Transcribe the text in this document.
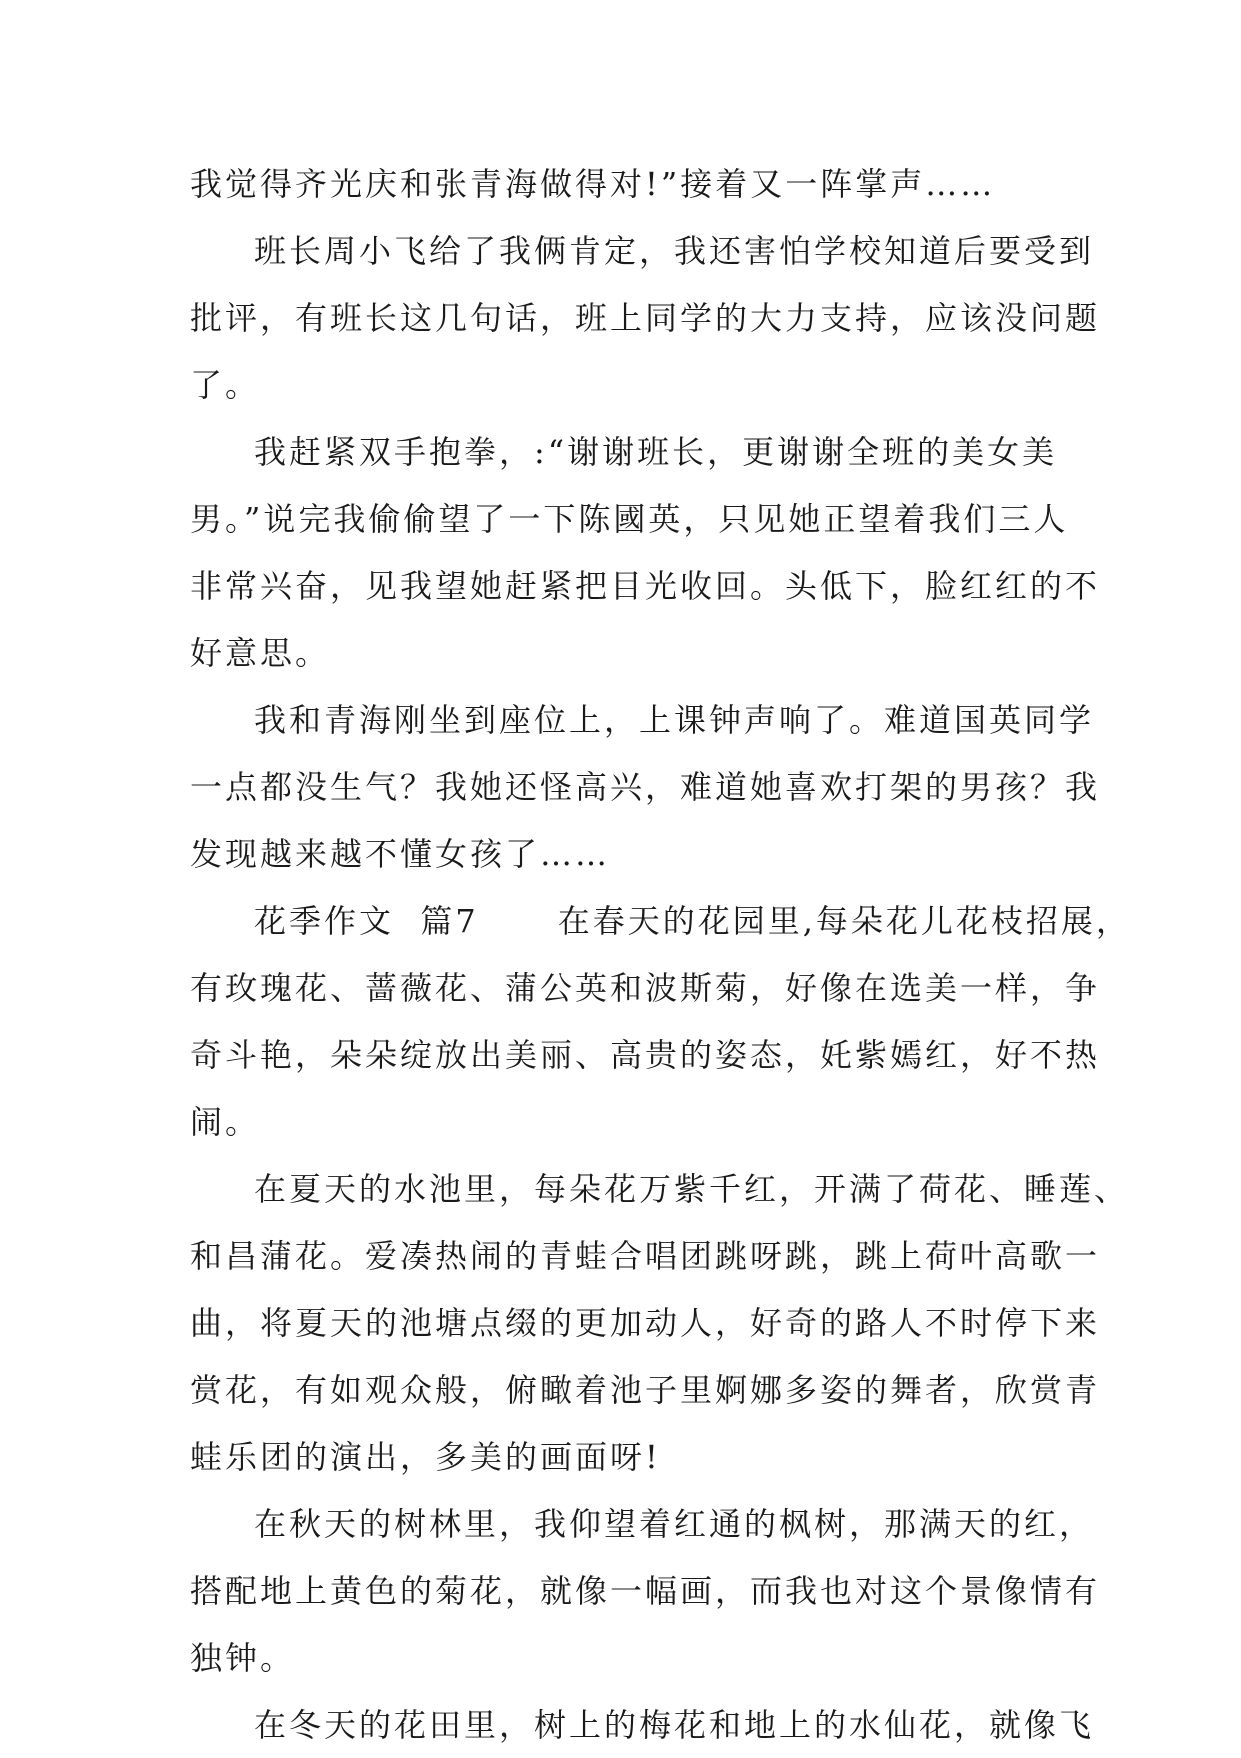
我觉得齐光庆和张青海做得对!”接着又一阵掌声……
班长周小飞给了我俩肯定，我还害怕学校知道后要受到
批评，有班长这几句话，班上同学的大力支持，应该没问题
了。
我赶紧双手抱拳，:“谢谢班长，更谢谢全班的美女美
男。”说完我偷偷望了一下陈國英，只见她正望着我们三人
非常兴奋，见我望她赶紧把目光收回。头低下，脸红红的不
好意思。
我和青海刚坐到座位上，上课钟声响了。难道国英同学
一点都没生气？我她还怪高兴，难道她喜欢打架的男孩？我
发现越来越不懂女孩了……
花季作文  篇7      在春天的花园里,每朵花儿花枝招展，
有玫瑰花、蔷薇花、蒲公英和波斯菊，好像在选美一样，争
奇斗艳，朵朵绽放出美丽、高贵的姿态，奼紫嫣红，好不热
闹。
在夏天的水池里，每朵花万紫千红，开满了荷花、睡莲、
和昌蒲花。爱凑热闹的青蛙合唱团跳呀跳，跳上荷叶高歌一
曲，将夏天的池塘点缀的更加动人，好奇的路人不时停下来
赏花，有如观众般，俯瞰着池子里婀娜多姿的舞者，欣赏青
蛙乐团的演出，多美的画面呀!
在秋天的树林里，我仰望着红通的枫树，那满天的红，
搭配地上黄色的菊花，就像一幅画，而我也对这个景像情有
独钟。
在冬天的花田里，树上的梅花和地上的水仙花，就像飞
